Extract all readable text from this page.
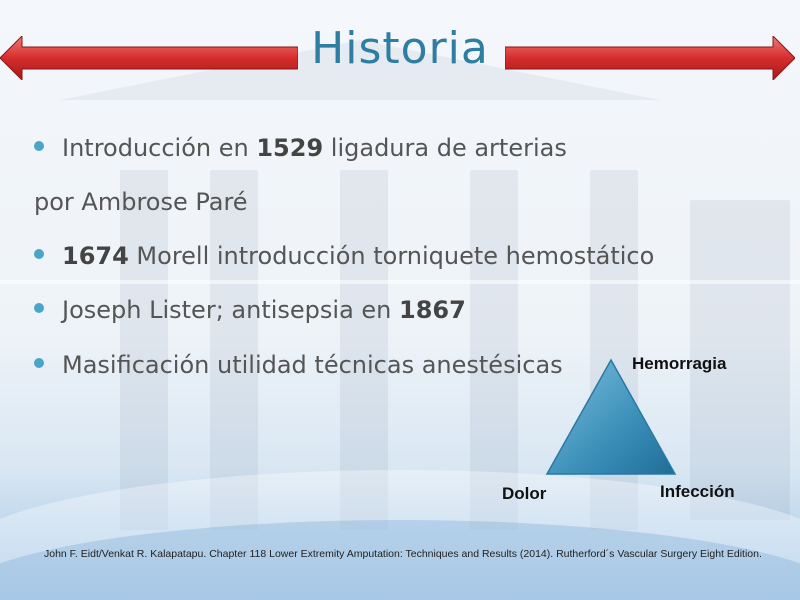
Historia
Introducción en 1529 ligadura de arterias
por Ambrose Paré
1674 Morell introducción torniquete hemostático
Joseph Lister; antisepsia en 1867
Masificación utilidad técnicas anestésicas	Hemorragia
Dolor	Infección
John F. Eidt/Venkat R. Kalapatapu. Chapter 118 Lower Extremity Amputation: Techniques and Results (2014). Rutherford´s Vascular Surgery Eight Edition.
